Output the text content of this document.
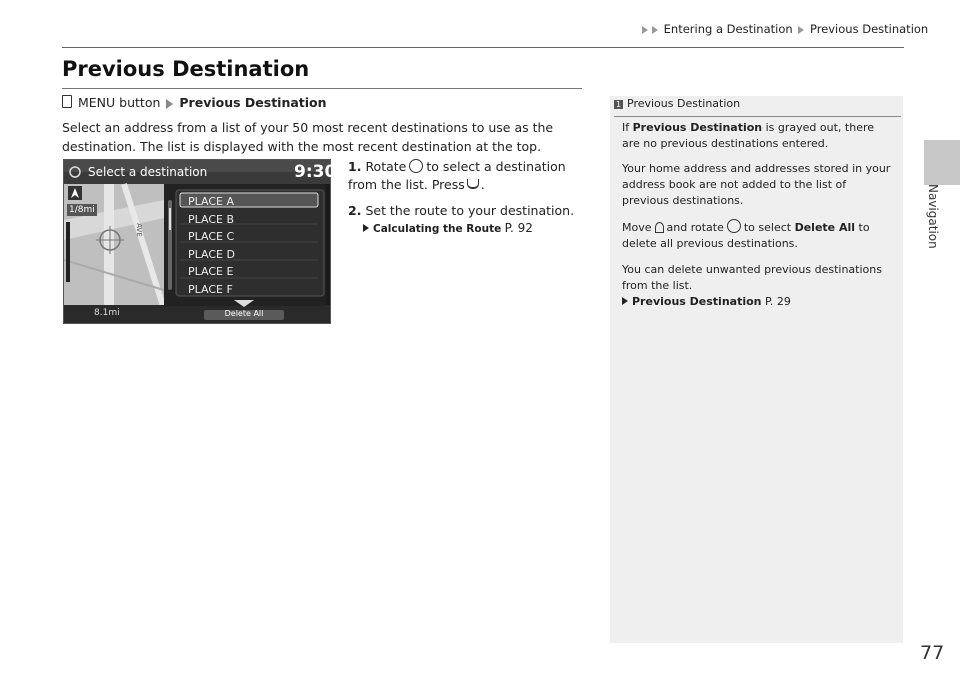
Entering a Destination Previous Destination
Previous Destination
MENU button Previous Destination
Select an address from a list of your 50 most recent destinations to use as the destination. The list is displayed with the most recent destination at the top.
Select a destination	9:30
1/8mi
AVE
8.1mi
PLACE A
PLACE B
PLACE C
PLACE D
PLACE E
PLACE F
Delete All
1. Rotate to select a destination from the list. Press .
2. Set the route to your destination.
Calculating the Route P. 92
1 Previous Destination
If Previous Destination is grayed out, there are no previous destinations entered.
Your home address and addresses stored in your address book are not added to the list of previous destinations.
Move and rotate to select Delete All to delete all previous destinations.
You can delete unwanted previous destinations from the list.
Previous Destination P. 29
Navigation
77
